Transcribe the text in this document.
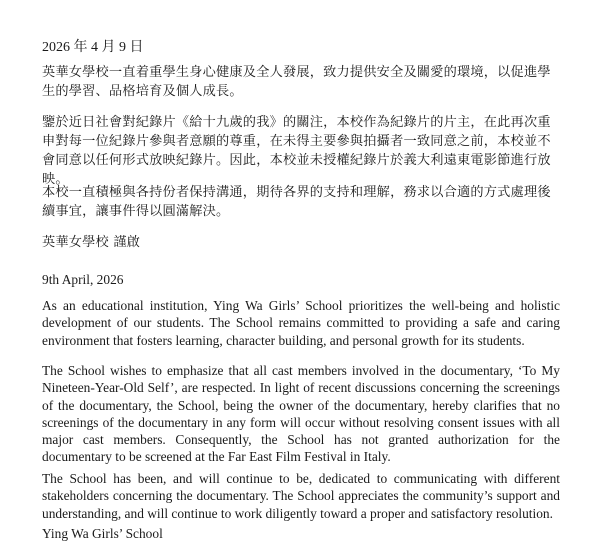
2026 年 4 月 9 日

英華女學校一直着重學生身心健康及全人發展，致力提供安全及關愛的環境，以促進學生的學習、品格培育及個人成長。

鑒於近日社會對紀錄片《給十九歲的我》的關注，本校作為紀錄片的片主，在此再次重申對每一位紀錄片參與者意願的尊重，在未得主要參與拍攝者一致同意之前，本校並不會同意以任何形式放映紀錄片。因此，本校並未授權紀錄片於義大利遠東電影節進行放映。

本校一直積極與各持份者保持溝通，期待各界的支持和理解，務求以合適的方式處理後續事宜，讓事件得以圓滿解決。

英華女學校 謹啟

9th April, 2026

As an educational institution, Ying Wa Girls’ School prioritizes the well-being and holistic development of our students. The School remains committed to providing a safe and caring environment that fosters learning, character building, and personal growth for its students.

The School wishes to emphasize that all cast members involved in the documentary, ‘To My Nineteen-Year-Old Self’, are respected. In light of recent discussions concerning the screenings of the documentary, the School, being the owner of the documentary, hereby clarifies that no screenings of the documentary in any form will occur without resolving consent issues with all major cast members. Consequently, the School has not granted authorization for the documentary to be screened at the Far East Film Festival in Italy.

The School has been, and will continue to be, dedicated to communicating with different stakeholders concerning the documentary. The School appreciates the community’s support and understanding, and will continue to work diligently toward a proper and satisfactory resolution.

Ying Wa Girls’ School
